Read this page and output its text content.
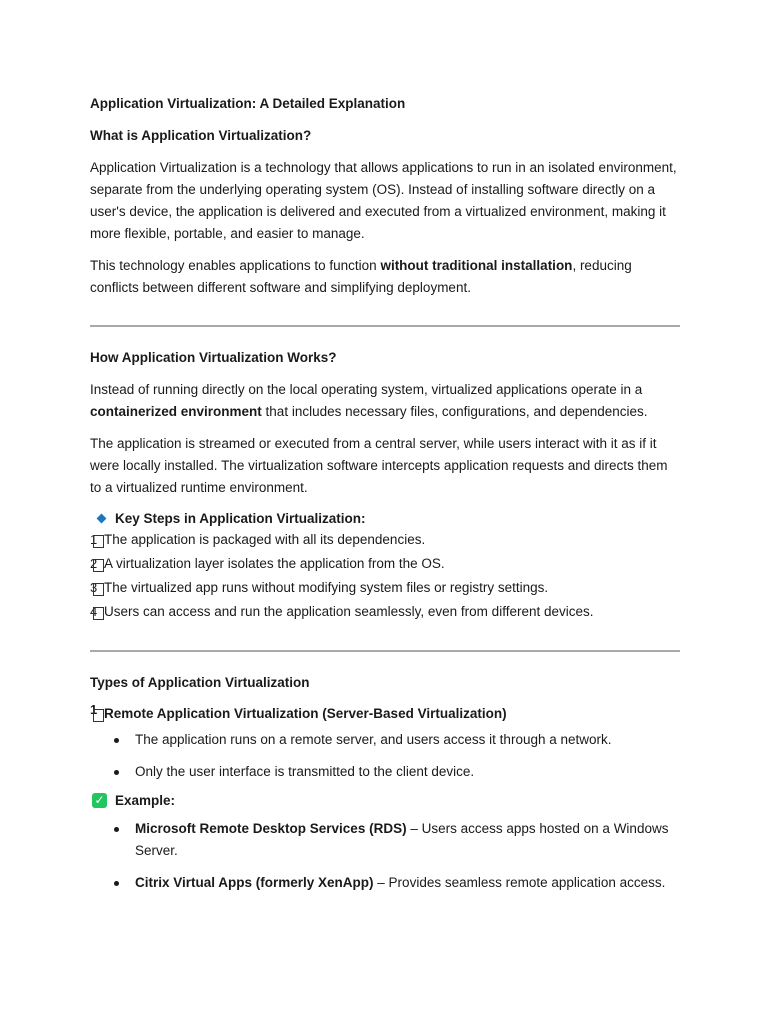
Application Virtualization: A Detailed Explanation

What is Application Virtualization?

Application Virtualization is a technology that allows applications to run in an isolated environment, separate from the underlying operating system (OS). Instead of installing software directly on a user's device, the application is delivered and executed from a virtualized environment, making it more flexible, portable, and easier to manage.

This technology enables applications to function without traditional installation, reducing conflicts between different software and simplifying deployment.

How Application Virtualization Works?

Instead of running directly on the local operating system, virtualized applications operate in a containerized environment that includes necessary files, configurations, and dependencies.

The application is streamed or executed from a central server, while users interact with it as if it were locally installed. The virtualization software intercepts application requests and directs them to a virtualized runtime environment.

Key Steps in Application Virtualization:
1 The application is packaged with all its dependencies.
2 A virtualization layer isolates the application from the OS.
3 The virtualized app runs without modifying system files or registry settings.
4 Users can access and run the application seamlessly, even from different devices.

Types of Application Virtualization

1 Remote Application Virtualization (Server-Based Virtualization)
The application runs on a remote server, and users access it through a network.
Only the user interface is transmitted to the client device.
✓ Example:
Microsoft Remote Desktop Services (RDS) – Users access apps hosted on a Windows Server.
Citrix Virtual Apps (formerly XenApp) – Provides seamless remote application access.
